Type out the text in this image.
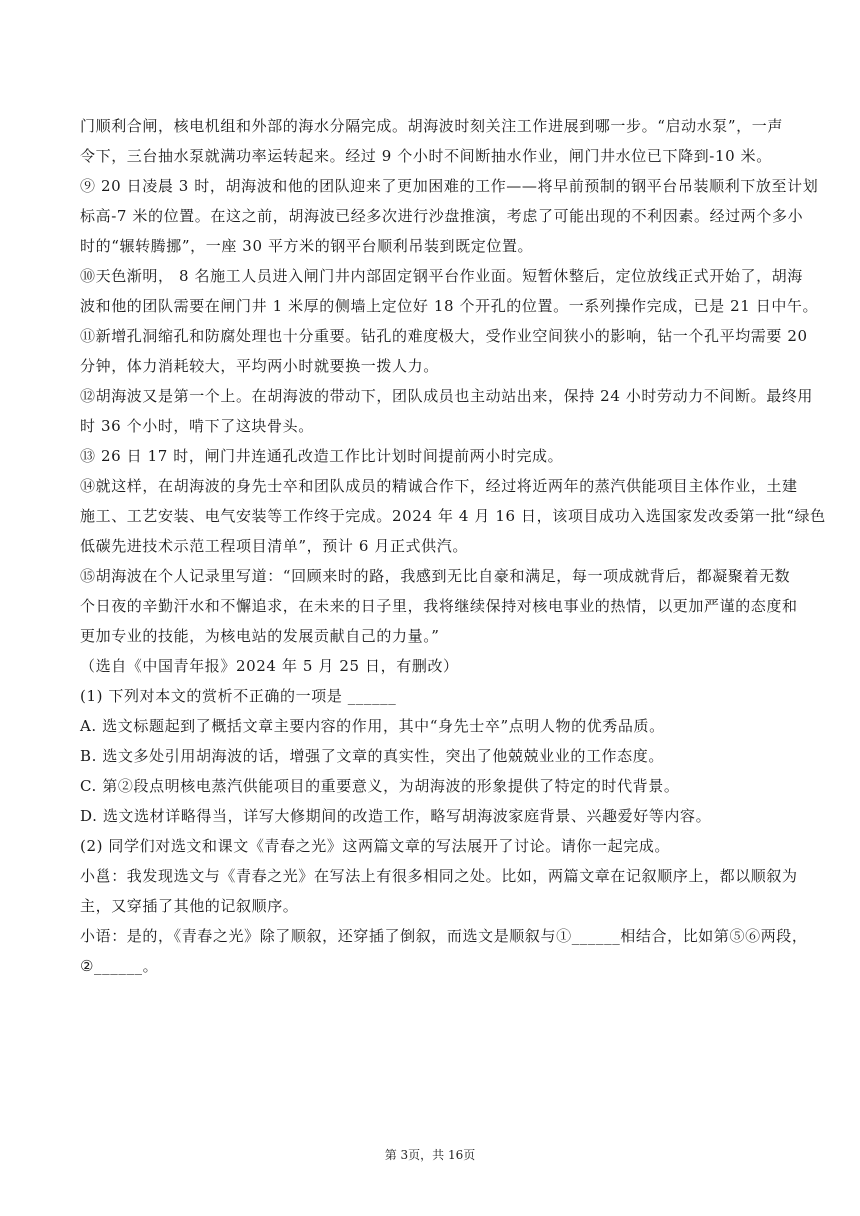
门顺利合闸，核电机组和外部的海水分隔完成。胡海波时刻关注工作进展到哪一步。“启动水泵”，一声
令下，三台抽水泵就满功率运转起来。经过 9 个小时不间断抽水作业，闸门井水位已下降到-10 米。
⑨ 20 日凌晨 3 时，胡海波和他的团队迎来了更加困难的工作——将早前预制的钢平台吊装顺利下放至计划
标高-7 米的位置。在这之前，胡海波已经多次进行沙盘推演，考虑了可能出现的不利因素。经过两个多小
时的“辗转腾挪”，一座 30 平方米的钢平台顺利吊装到既定位置。
⑩天色渐明， 8 名施工人员进入闸门井内部固定钢平台作业面。短暂休整后，定位放线正式开始了，胡海
波和他的团队需要在闸门井 1 米厚的侧墙上定位好 18 个开孔的位置。一系列操作完成，已是 21 日中午。
⑪新增孔洞缩孔和防腐处理也十分重要。钻孔的难度极大，受作业空间狭小的影响，钻一个孔平均需要 20
分钟，体力消耗较大，平均两小时就要换一拨人力。
⑫胡海波又是第一个上。在胡海波的带动下，团队成员也主动站出来，保持 24 小时劳动力不间断。最终用
时 36 个小时，啃下了这块骨头。
⑬ 26 日 17 时，闸门井连通孔改造工作比计划时间提前两小时完成。
⑭就这样，在胡海波的身先士卒和团队成员的精诚合作下，经过将近两年的蒸汽供能项目主体作业，土建
施工、工艺安装、电气安装等工作终于完成。2024 年 4 月 16 日，该项目成功入选国家发改委第一批“绿色
低碳先进技术示范工程项目清单”，预计 6 月正式供汽。
⑮胡海波在个人记录里写道：“回顾来时的路，我感到无比自豪和满足，每一项成就背后，都凝聚着无数
个日夜的辛勤汗水和不懈追求，在未来的日子里，我将继续保持对核电事业的热情，以更加严谨的态度和
更加专业的技能，为核电站的发展贡献自己的力量。”
（选自《中国青年报》2024 年 5 月 25 日，有删改）
(1) 下列对本文的赏析不正确的一项是 ______
A. 选文标题起到了概括文章主要内容的作用，其中“身先士卒”点明人物的优秀品质。
B. 选文多处引用胡海波的话，增强了文章的真实性，突出了他兢兢业业的工作态度。
C. 第②段点明核电蒸汽供能项目的重要意义，为胡海波的形象提供了特定的时代背景。
D. 选文选材详略得当，详写大修期间的改造工作，略写胡海波家庭背景、兴趣爱好等内容。
(2) 同学们对选文和课文《青春之光》这两篇文章的写法展开了讨论。请你一起完成。
小邕：我发现选文与《青春之光》在写法上有很多相同之处。比如，两篇文章在记叙顺序上，都以顺叙为
主，又穿插了其他的记叙顺序。
小语：是的，《青春之光》除了顺叙，还穿插了倒叙，而选文是顺叙与①______相结合，比如第⑤⑥两段，
②______。
第 3页，共 16页
